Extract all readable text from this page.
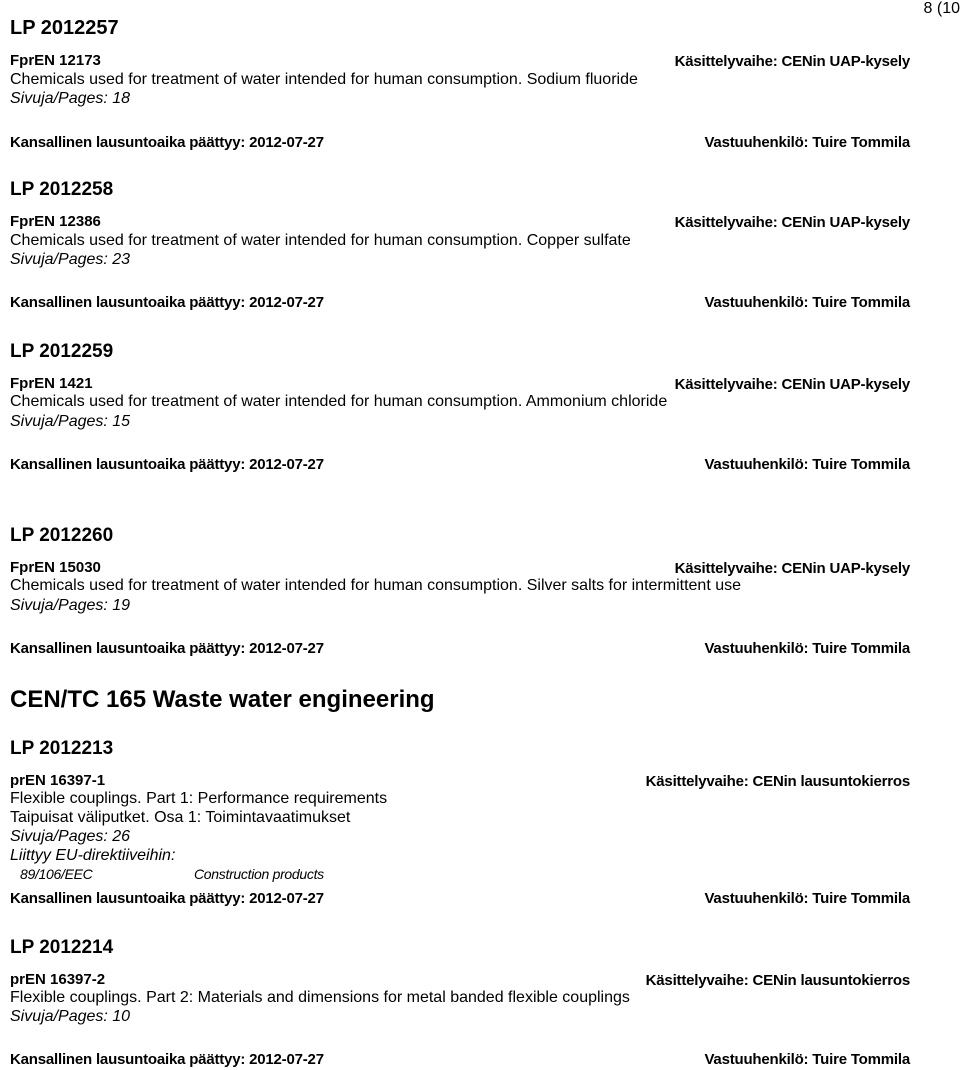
LP 2012257
8 (10
FprEN 12173	Käsittelyvaihe: CENin UAP-kysely
Chemicals used for treatment of water intended for human consumption. Sodium fluoride
Sivuja/Pages: 18
Kansallinen lausuntoaika päättyy: 2012-07-27	Vastuuhenkilö: Tuire Tommila
LP 2012258
FprEN 12386	Käsittelyvaihe: CENin UAP-kysely
Chemicals used for treatment of water intended for human consumption. Copper sulfate
Sivuja/Pages: 23
Kansallinen lausuntoaika päättyy: 2012-07-27	Vastuuhenkilö: Tuire Tommila
LP 2012259
FprEN 1421	Käsittelyvaihe: CENin UAP-kysely
Chemicals used for treatment of water intended for human consumption. Ammonium chloride
Sivuja/Pages: 15
Kansallinen lausuntoaika päättyy: 2012-07-27	Vastuuhenkilö: Tuire Tommila
LP 2012260
FprEN 15030	Käsittelyvaihe: CENin UAP-kysely
Chemicals used for treatment of water intended for human consumption. Silver salts for intermittent use
Sivuja/Pages: 19
Kansallinen lausuntoaika päättyy: 2012-07-27	Vastuuhenkilö: Tuire Tommila
CEN/TC 165 Waste water engineering
LP 2012213
prEN 16397-1	Käsittelyvaihe: CENin lausuntokierros
Flexible couplings. Part 1: Performance requirements
Taipuisat väliputket. Osa 1: Toimintavaatimukset
Sivuja/Pages: 26
Liittyy EU-direktiiveihin:
89/106/EEC	Construction products
Kansallinen lausuntoaika päättyy: 2012-07-27	Vastuuhenkilö: Tuire Tommila
LP 2012214
prEN 16397-2	Käsittelyvaihe: CENin lausuntokierros
Flexible couplings. Part 2: Materials and dimensions for metal banded flexible couplings
Sivuja/Pages: 10
Kansallinen lausuntoaika päättyy: 2012-07-27	Vastuuhenkilö: Tuire Tommila
